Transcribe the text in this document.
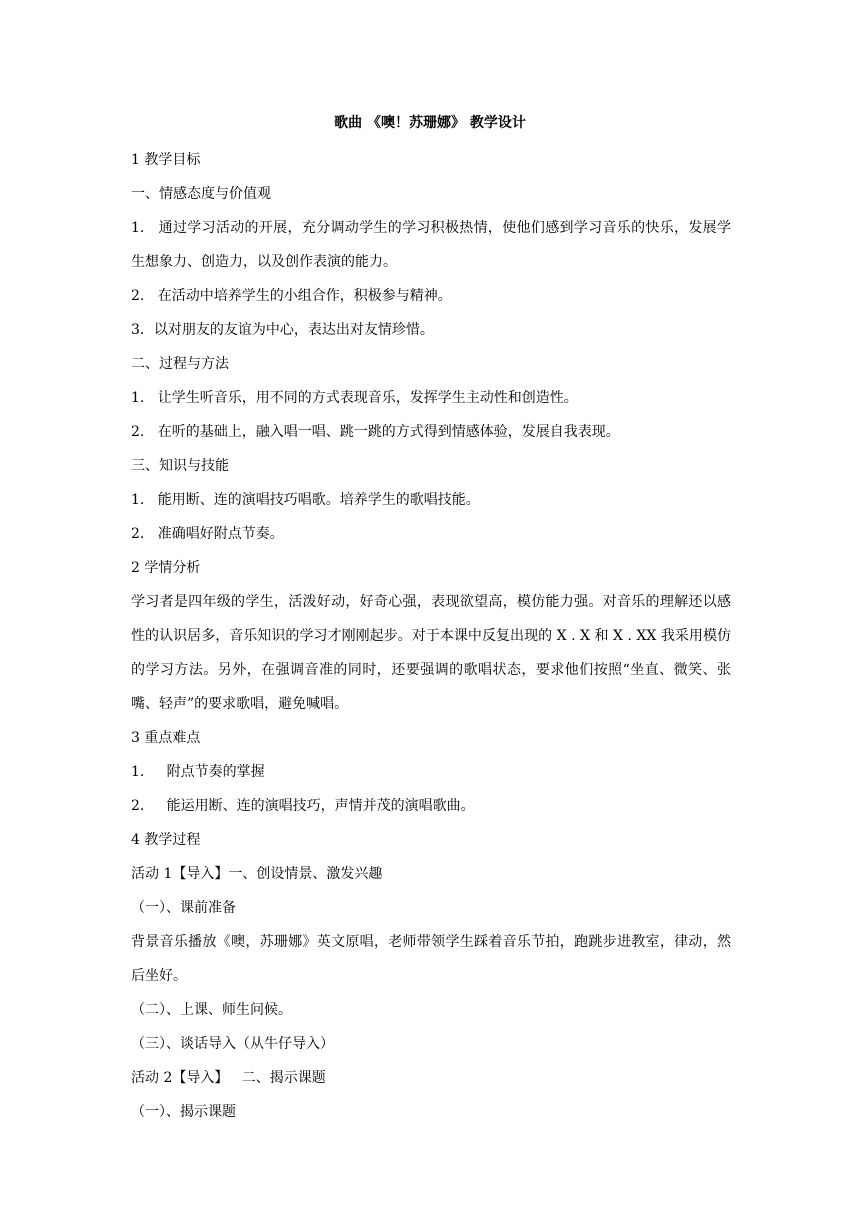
歌曲 《噢！苏珊娜》 教学设计

1 教学目标

一、情感态度与价值观

1.   通过学习活动的开展，充分调动学生的学习积极热情，使他们感到学习音乐的快乐，发展学生想象力、创造力，以及创作表演的能力。

2.   在活动中培养学生的小组合作，积极参与精神。

3．以对朋友的友谊为中心，表达出对友情珍惜。

二、过程与方法

1.   让学生听音乐，用不同的方式表现音乐，发挥学生主动性和创造性。

2.   在听的基础上，融入唱一唱、跳一跳的方式得到情感体验，发展自我表现。

三、知识与技能

1.   能用断、连的演唱技巧唱歌。培养学生的歌唱技能。

2.   准确唱好附点节奏。

2 学情分析

学习者是四年级的学生，活泼好动，好奇心强，表现欲望高，模仿能力强。对音乐的理解还以感性的认识居多，音乐知识的学习才刚刚起步。对于本课中反复出现的 X . X 和 X . XX 我采用模仿的学习方法。另外，在强调音准的同时，还要强调的歌唱状态，要求他们按照“坐直、微笑、张嘴、轻声”的要求歌唱，避免喊唱。

3 重点难点

1.     附点节奏的掌握

2.     能运用断、连的演唱技巧，声情并茂的演唱歌曲。

4 教学过程

活动 1【导入】一、创设情景、激发兴趣

（一）、课前准备

背景音乐播放《噢，苏珊娜》英文原唱，老师带领学生踩着音乐节拍，跑跳步进教室，律动，然后坐好。

（二）、上课、师生问候。

（三）、谈话导入（从牛仔导入）

活动 2【导入】   二、揭示课题

（一）、揭示课题
